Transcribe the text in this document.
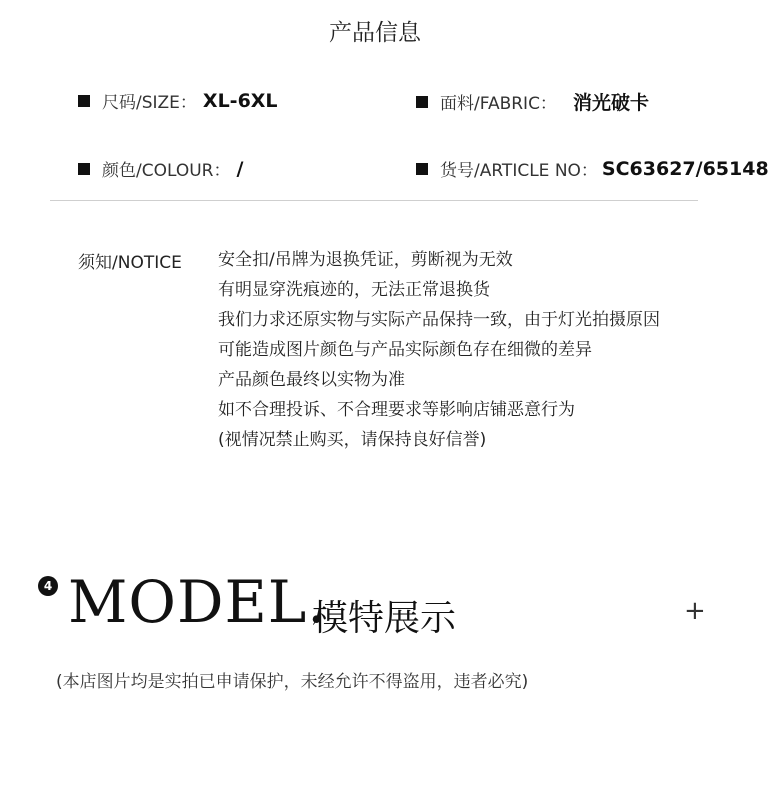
产品信息
尺码/SIZE： XL-6XL	面料/FABRIC： 消光破卡
颜色/COLOUR： /	货号/ARTICLE NO： SC63627/65148
须知/NOTICE 安全扣/吊牌为退换凭证，剪断视为无效
有明显穿洗痕迹的，无法正常退换货
我们力求还原实物与实际产品保持一致，由于灯光拍摄原因
可能造成图片颜色与产品实际颜色存在细微的差异
产品颜色最终以实物为准
如不合理投诉、不合理要求等影响店铺恶意行为
(视情况禁止购买，请保持良好信誉)
4 MODEL.
模特展示	+
(本店图片均是实拍已申请保护，未经允许不得盗用，违者必究)
